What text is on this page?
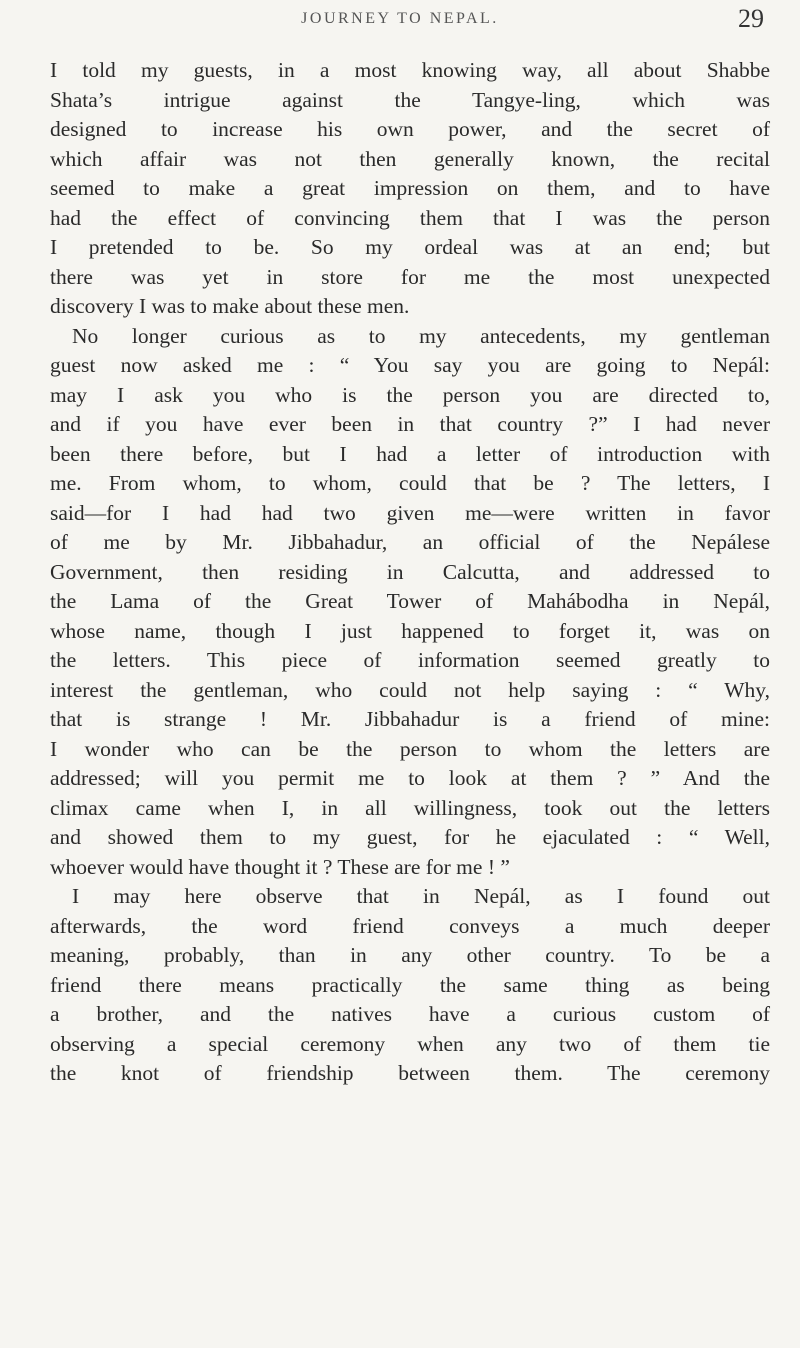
JOURNEY TO NEPAL.	29
I told my guests, in a most knowing way, all about Shabbe
Shata’s intrigue against the Tangye-ling, which was
designed to increase his own power, and the secret of
which affair was not then generally known, the recital
seemed to make a great impression on them, and to have
had the effect of convincing them that I was the person
I pretended to be. So my ordeal was at an end; but
there was yet in store for me the most unexpected
discovery I was to make about these men.
No longer curious as to my antecedents, my gentleman
guest now asked me : “ You say you are going to Nepál:
may I ask you who is the person you are directed to,
and if you have ever been in that country ?” I had never
been there before, but I had a letter of introduction with
me. From whom, to whom, could that be ? The letters, I
said—for I had had two given me—were written in favor
of me by Mr. Jibbahadur, an official of the Nepálese
Government, then residing in Calcutta, and addressed to
the Lama of the Great Tower of Mahábodha in Nepál,
whose name, though I just happened to forget it, was on
the letters. This piece of information seemed greatly to
interest the gentleman, who could not help saying : “ Why,
that is strange ! Mr. Jibbahadur is a friend of mine:
I wonder who can be the person to whom the letters are
addressed; will you permit me to look at them ? ” And the
climax came when I, in all willingness, took out the letters
and showed them to my guest, for he ejaculated : “ Well,
whoever would have thought it ? These are for me ! ”
I may here observe that in Nepál, as I found out
afterwards, the word friend conveys a much deeper
meaning, probably, than in any other country. To be a
friend there means practically the same thing as being
a brother, and the natives have a curious custom of
observing a special ceremony when any two of them tie
the knot of friendship between them. The ceremony
